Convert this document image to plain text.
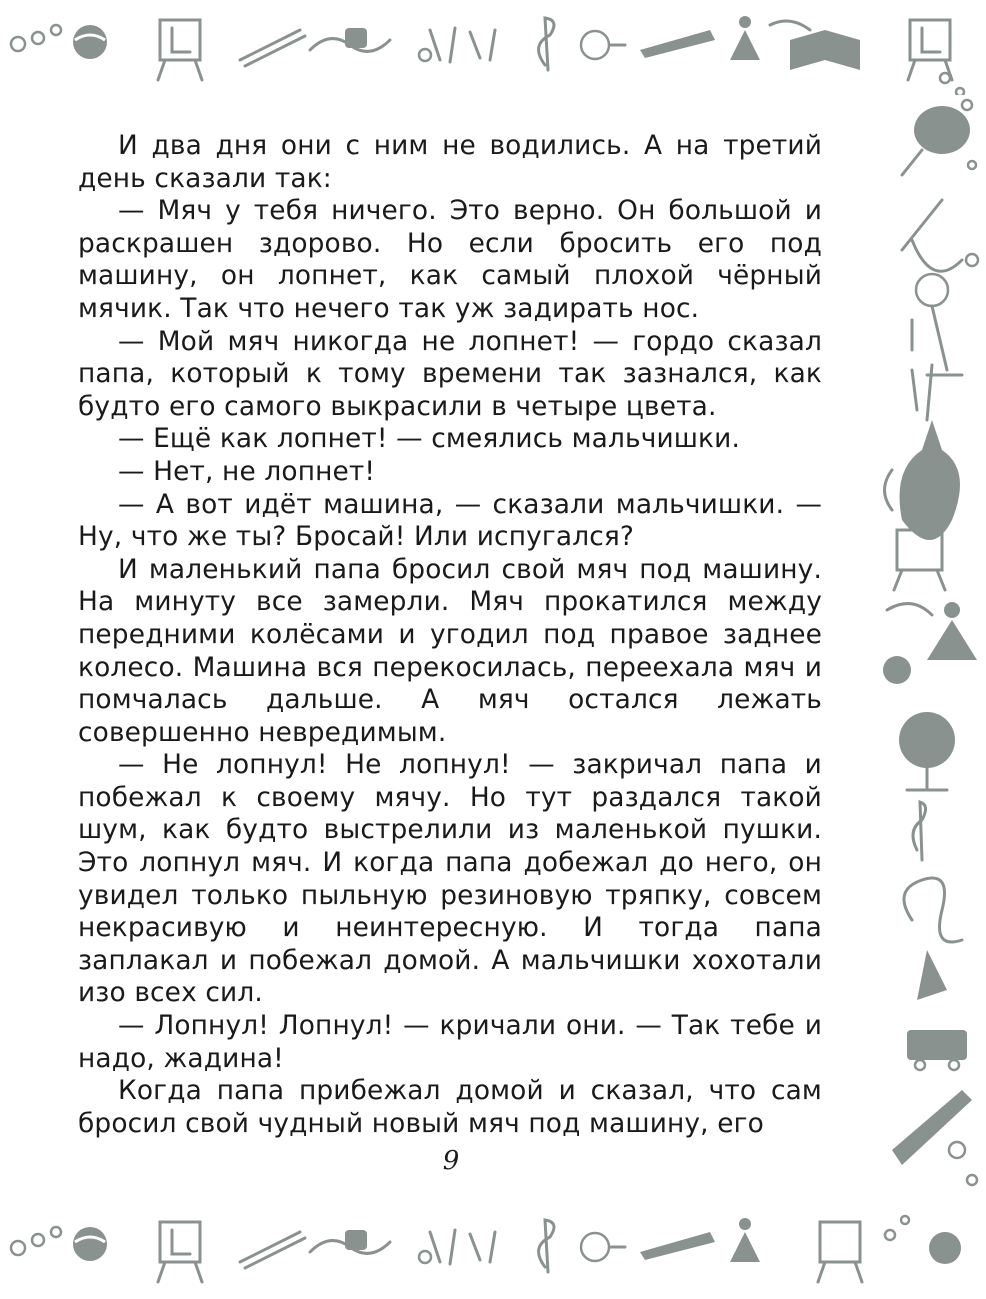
И два дня они с ним не водились. А на третий день сказали так:

— Мяч у тебя ничего. Это верно. Он большой и раскрашен здорово. Но если бросить его под машину, он лопнет, как самый плохой чёрный мячик. Так что нечего так уж задирать нос.

— Мой мяч никогда не лопнет! — гордо сказал папа, который к тому времени так зазнался, как будто его самого выкрасили в четыре цвета.

— Ещё как лопнет! — смеялись мальчишки.

— Нет, не лопнет!

— А вот идёт машина, — сказали мальчишки. — Ну, что же ты? Бросай! Или испугался?

И маленький папа бросил свой мяч под машину. На минуту все замерли. Мяч прокатился между передними колёсами и угодил под правое заднее колесо. Машина вся перекосилась, переехала мяч и помчалась дальше. А мяч остался лежать совершенно невредимым.

— Не лопнул! Не лопнул! — закричал папа и побежал к своему мячу. Но тут раздался такой шум, как будто выстрелили из маленькой пушки. Это лопнул мяч. И когда папа добежал до него, он увидел только пыльную резиновую тряпку, совсем некрасивую и неинтересную. И тогда папа заплакал и побежал домой. А мальчишки хохотали изо всех сил.

— Лопнул! Лопнул! — кричали они. — Так тебе и надо, жадина!

Когда папа прибежал домой и сказал, что сам бросил свой чудный новый мяч под машину, его

9
